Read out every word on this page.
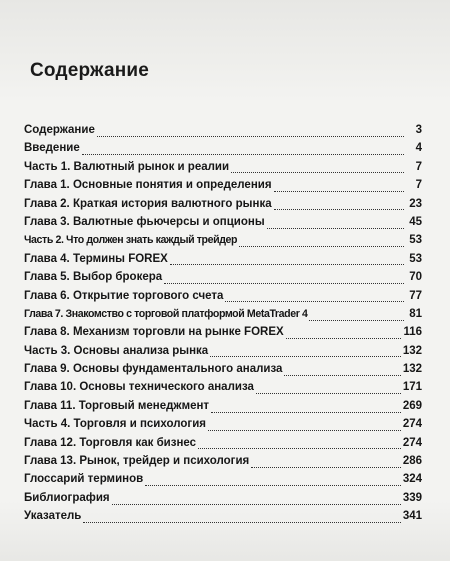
Содержание
Содержание	3
Введение	4
Часть 1. Валютный рынок и реалии	7
Глава 1. Основные понятия и определения	7
Глава 2. Краткая история валютного рынка	23
Глава 3. Валютные фьючерсы и опционы	45
Часть 2. Что должен знать каждый трейдер	53
Глава 4. Термины FOREX	53
Глава 5. Выбор брокера	70
Глава 6. Открытие торгового счета	77
Глава 7. Знакомство с торговой платформой MetaTrader 4	81
Глава 8. Механизм торговли на рынке FOREX	116
Часть 3. Основы анализа рынка	132
Глава 9. Основы фундаментального анализа	132
Глава 10. Основы технического анализа	171
Глава 11. Торговый менеджмент	269
Часть 4. Торговля и психология	274
Глава 12. Торговля как бизнес	274
Глава 13. Рынок, трейдер и психология	286
Глоссарий терминов	324
Библиография	339
Указатель	341
